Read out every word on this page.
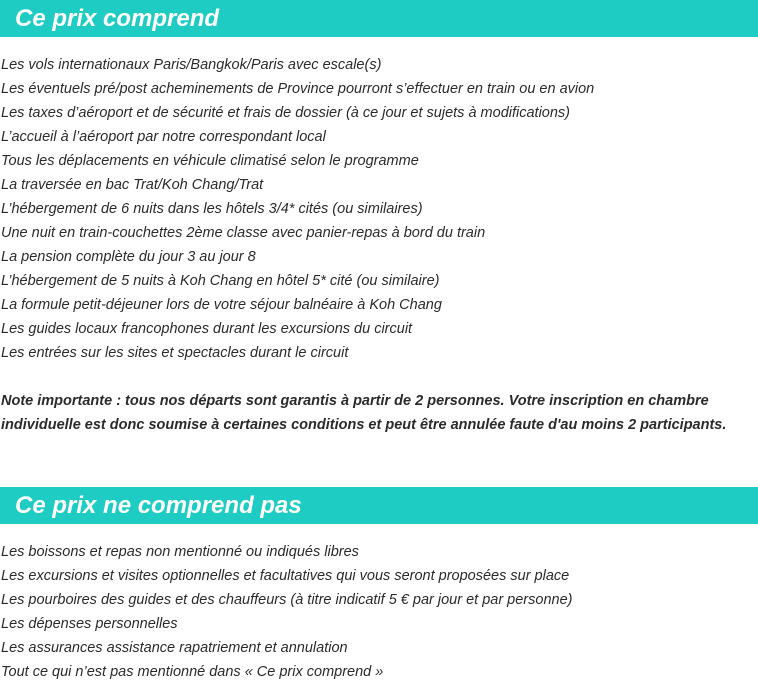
Ce prix comprend
Les vols internationaux Paris/Bangkok/Paris avec escale(s)
Les éventuels pré/post acheminements de Province pourront s’effectuer en train ou en avion
Les taxes d’aéroport et de sécurité et frais de dossier (à ce jour et sujets à modifications)
L’accueil à l’aéroport par notre correspondant local
Tous les déplacements en véhicule climatisé selon le programme
La traversée en bac Trat/Koh Chang/Trat
L’hébergement de 6 nuits dans les hôtels 3/4* cités (ou similaires)
Une nuit en train-couchettes 2ème classe avec panier-repas à bord du train
La pension complète du jour 3 au jour 8
L’hébergement de 5 nuits à Koh Chang en hôtel 5* cité (ou similaire)
La formule petit-déjeuner lors de votre séjour balnéaire à Koh Chang
Les guides locaux francophones durant les excursions du circuit
Les entrées sur les sites et spectacles durant le circuit
Note importante : tous nos départs sont garantis à partir de 2 personnes. Votre inscription en chambre individuelle est donc soumise à certaines conditions et peut être annulée faute d'au moins 2 participants.
Ce prix ne comprend pas
Les boissons et repas non mentionné ou indiqués libres
Les excursions et visites optionnelles et facultatives qui vous seront proposées sur place
Les pourboires des guides et des chauffeurs (à titre indicatif 5 € par jour et par personne)
Les dépenses personnelles
Les assurances assistance rapatriement et annulation
Tout ce qui n’est pas mentionné dans « Ce prix comprend »
